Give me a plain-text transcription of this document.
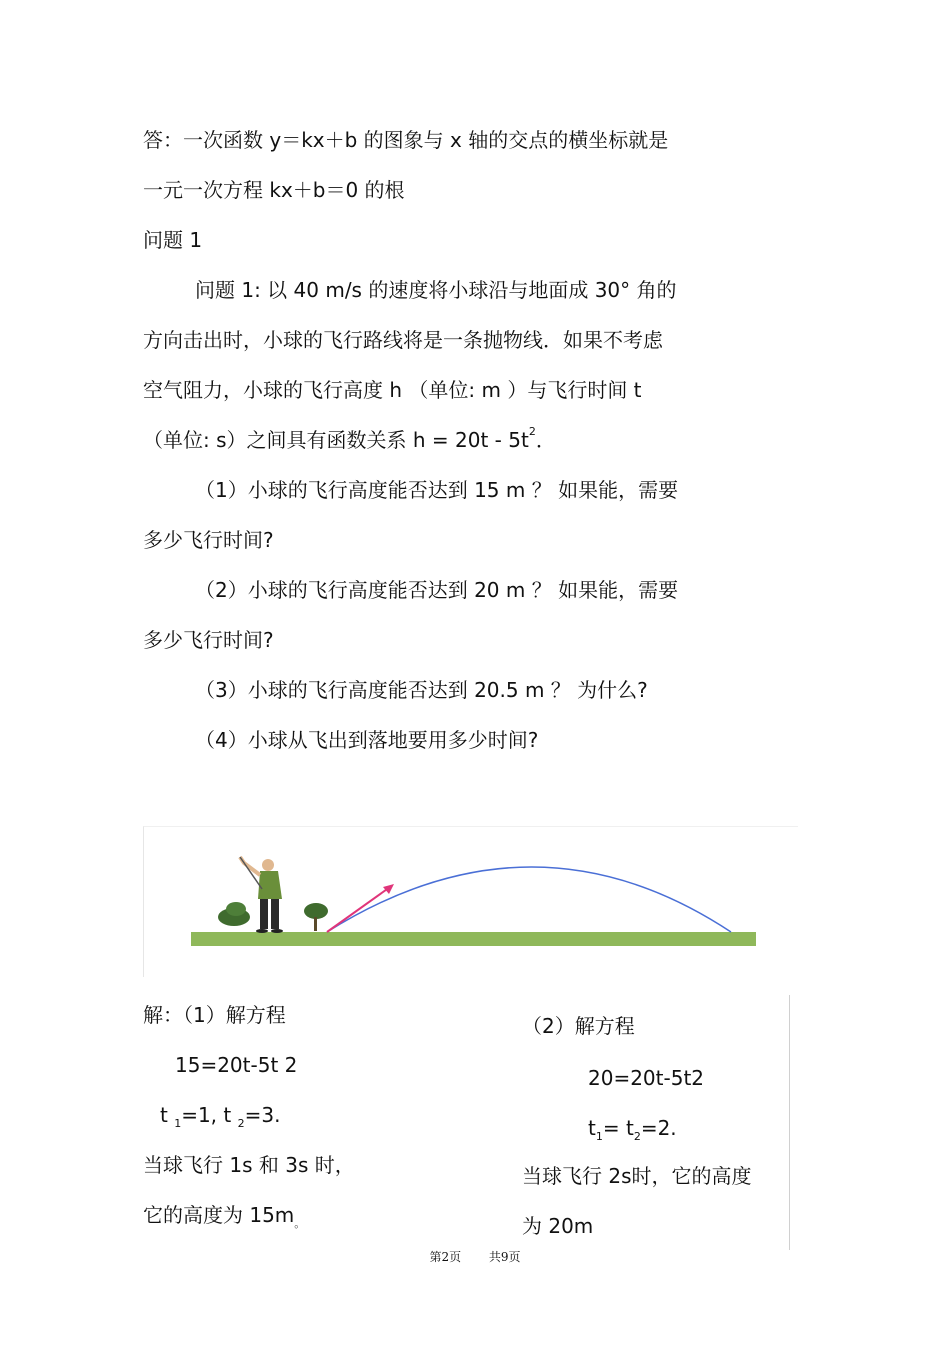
答：一次函数 y＝kx＋b 的图象与 x 轴的交点的横坐标就是
一元一次方程 kx＋b＝0 的根
问题 1
问题 1: 以 40 m/s 的速度将小球沿与地面成 30° 角的
方向击出时，小球的飞行路线将是一条抛物线．如果不考虑
空气阻力，小球的飞行高度 h （单位: m ）与飞行时间 t
（单位: s）之间具有函数关系 $h = 20t - 5t^2$．
（1）小球的飞行高度能否达到 15 m ？ 如果能，需要
多少飞行时间?
（2）小球的飞行高度能否达到 20 m ？ 如果能，需要
多少飞行时间?
（3）小球的飞行高度能否达到 20.5 m ？ 为什么?
（4）小球从飞出到落地要用多少时间?
解：（1）解方程
15=20t-5t 2
t $_1$=1, t $_2$=3.
当球飞行 1s 和 3s 时，
它的高度为 $15m_。$
（2）解方程
20=20t-5t2
$t_1= t_2=2$.
当球飞行 2s时，它的高度
为 20m
第2页 共9页
